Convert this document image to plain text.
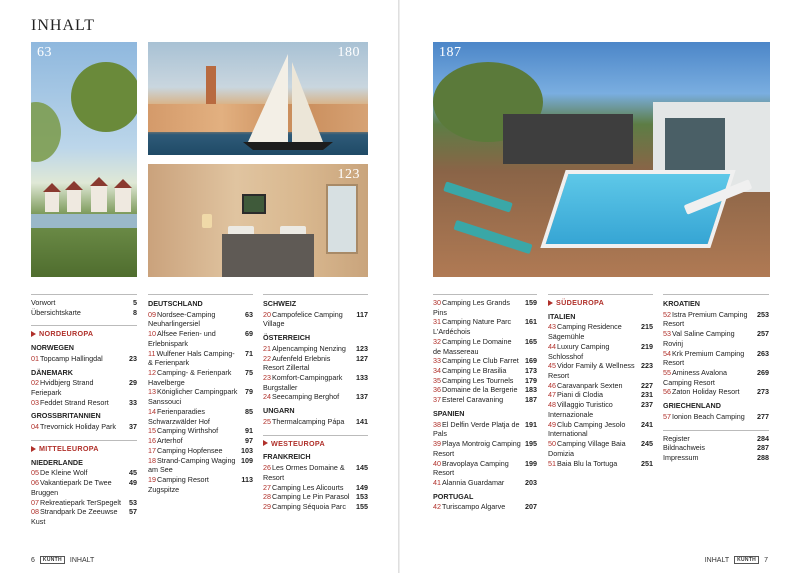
INHALT
63	180
123
Vorwort	5
Übersichtskarte	8
NORDEUROPA
NORWEGEN
01Topcamp Hallingdal	23
DÄNEMARK
02Hvidbjerg Strand Feriepark
29
03Feddet Strand Resort	33
GROSSBRITANNIEN
04Trevornick Holiday Park	37
MITTELEUROPA
NIEDERLANDE
05De Kleine Wolf	45
06Vakantiepark De Twee Bruggen
49
07Rekreatiepark TerSpegelt	53
08Strandpark De Zeeuwse Kust
57
DEUTSCHLAND
09Nordsee-Camping Neuharlingersiel
63
10Alfsee Ferien- und Erlebnispark
69
11Wulfener Hals Camping- & Ferienpark
71
12Camping- & Ferienpark Havelberge
75
13Königlicher Campingpark Sanssouci
79
14Ferienparadies Schwarzwälder Hof
85
15Camping Wirthshof	91
16Arterhof	97
17Camping Hopfensee	103
18Strand-Camping Waging am See
109
19Camping Resort Zugspitze
113
SCHWEIZ
20Campofelice Camping Village
117
ÖSTERREICH
21Alpencamping Nenzing	123
22Aufenfeld Erlebnis Resort Zillertal
127
23Komfort-Campingpark Burgstaller
133
24Seecamping Berghof	137
UNGARN
25Thermalcamping Pápa	141
WESTEUROPA
FRANKREICH
26Les Ormes Domaine & Resort
145
27Camping Les Alicourts	149
28Camping Le Pin Parasol 153
29Camping Séquoia Parc	155
6	KUNTH	INHALT
187
30Camping Les Grands Pins
159
31Camping Nature Parc L'Ardéchois
161
32Camping Le Domaine de Massereau
165
33Camping Le Club Farret 169
34Camping Le Brasilia	173
35Camping Les Tournels	179
36Domaine de la Bergerie	183
37Esterel Caravaning	187
SPANIEN
38El Delfin Verde Platja de Pals
191
39Playa Montroig Camping Resort
195
40Bravoplaya Camping Resort
199
41Alannia Guardamar	203
PORTUGAL
42Turiscampo Algarve	207
SÜDEUROPA
ITALIEN
43Camping Residence Sägemühle
215
44Luxury Camping Schlosshof
219
45Vidor Family & Wellness Resort
223
46Caravanpark Sexten	227
47Piani di Clodia	231
48Villaggio Turistico Internazionale
237
49Club Camping Jesolo International
241
50Camping Village Baia Domizia
245
51Baia Blu la Tortuga	251
KROATIEN
52Istra Premium Camping Resort
253
53Val Saline Camping Rovinj
257
54Krk Premium Camping Resort
263
55Aminess Avalona Camping Resort
269
56Zaton Holiday Resort	273
GRIECHENLAND
57Ionion Beach Camping	277
Register	284
Bildnachweis	287
Impressum	288
INHALT	KUNTH	7
